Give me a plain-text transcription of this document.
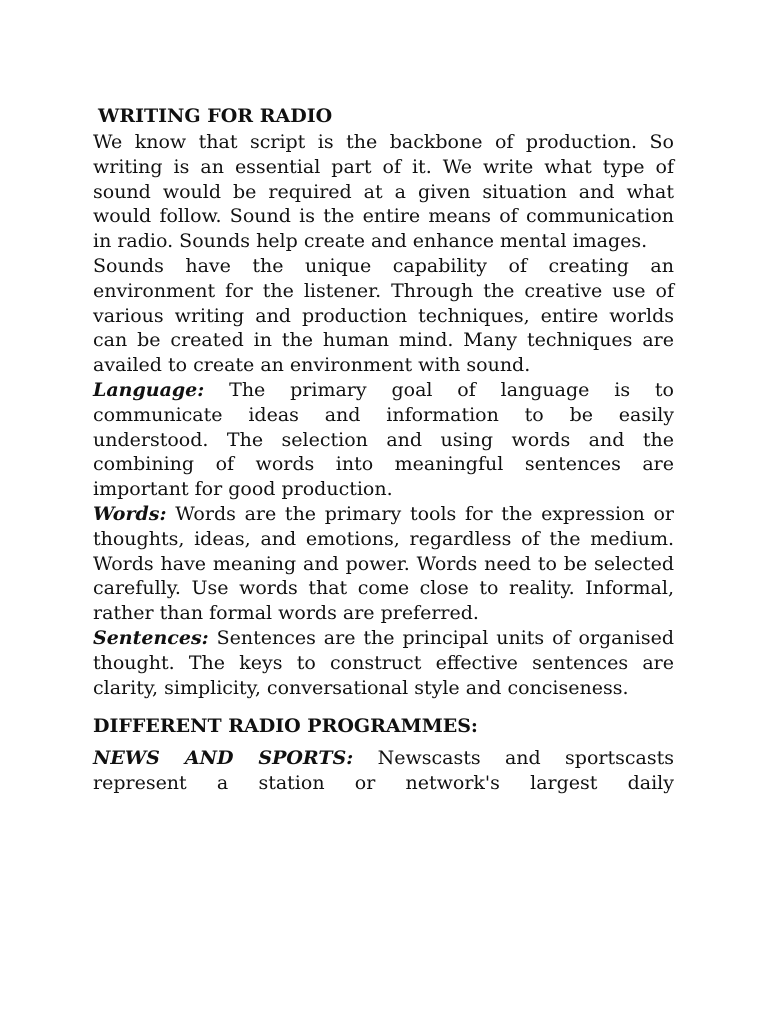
WRITING FOR RADIO

We know that script is the backbone of production. So writing is an essential part of it. We write what type of sound would be required at a given situation and what would follow. Sound is the entire means of communication in radio. Sounds help create and enhance mental images.

Sounds have the unique capability of creating an environment for the listener. Through the creative use of various writing and production techniques, entire worlds can be created in the human mind. Many techniques are availed to create an environment with sound.

Language: The primary goal of language is to communicate ideas and information to be easily understood. The selection and using words and the combining of words into meaningful sentences are important for good production.

Words: Words are the primary tools for the expression or thoughts, ideas, and emotions, regardless of the medium. Words have meaning and power. Words need to be selected carefully. Use words that come close to reality. Informal, rather than formal words are preferred.

Sentences: Sentences are the principal units of organised thought. The keys to construct effective sentences are clarity, simplicity, conversational style and conciseness.

DIFFERENT RADIO PROGRAMMES:

NEWS AND SPORTS: Newscasts and sportscasts represent a station or network's largest daily
